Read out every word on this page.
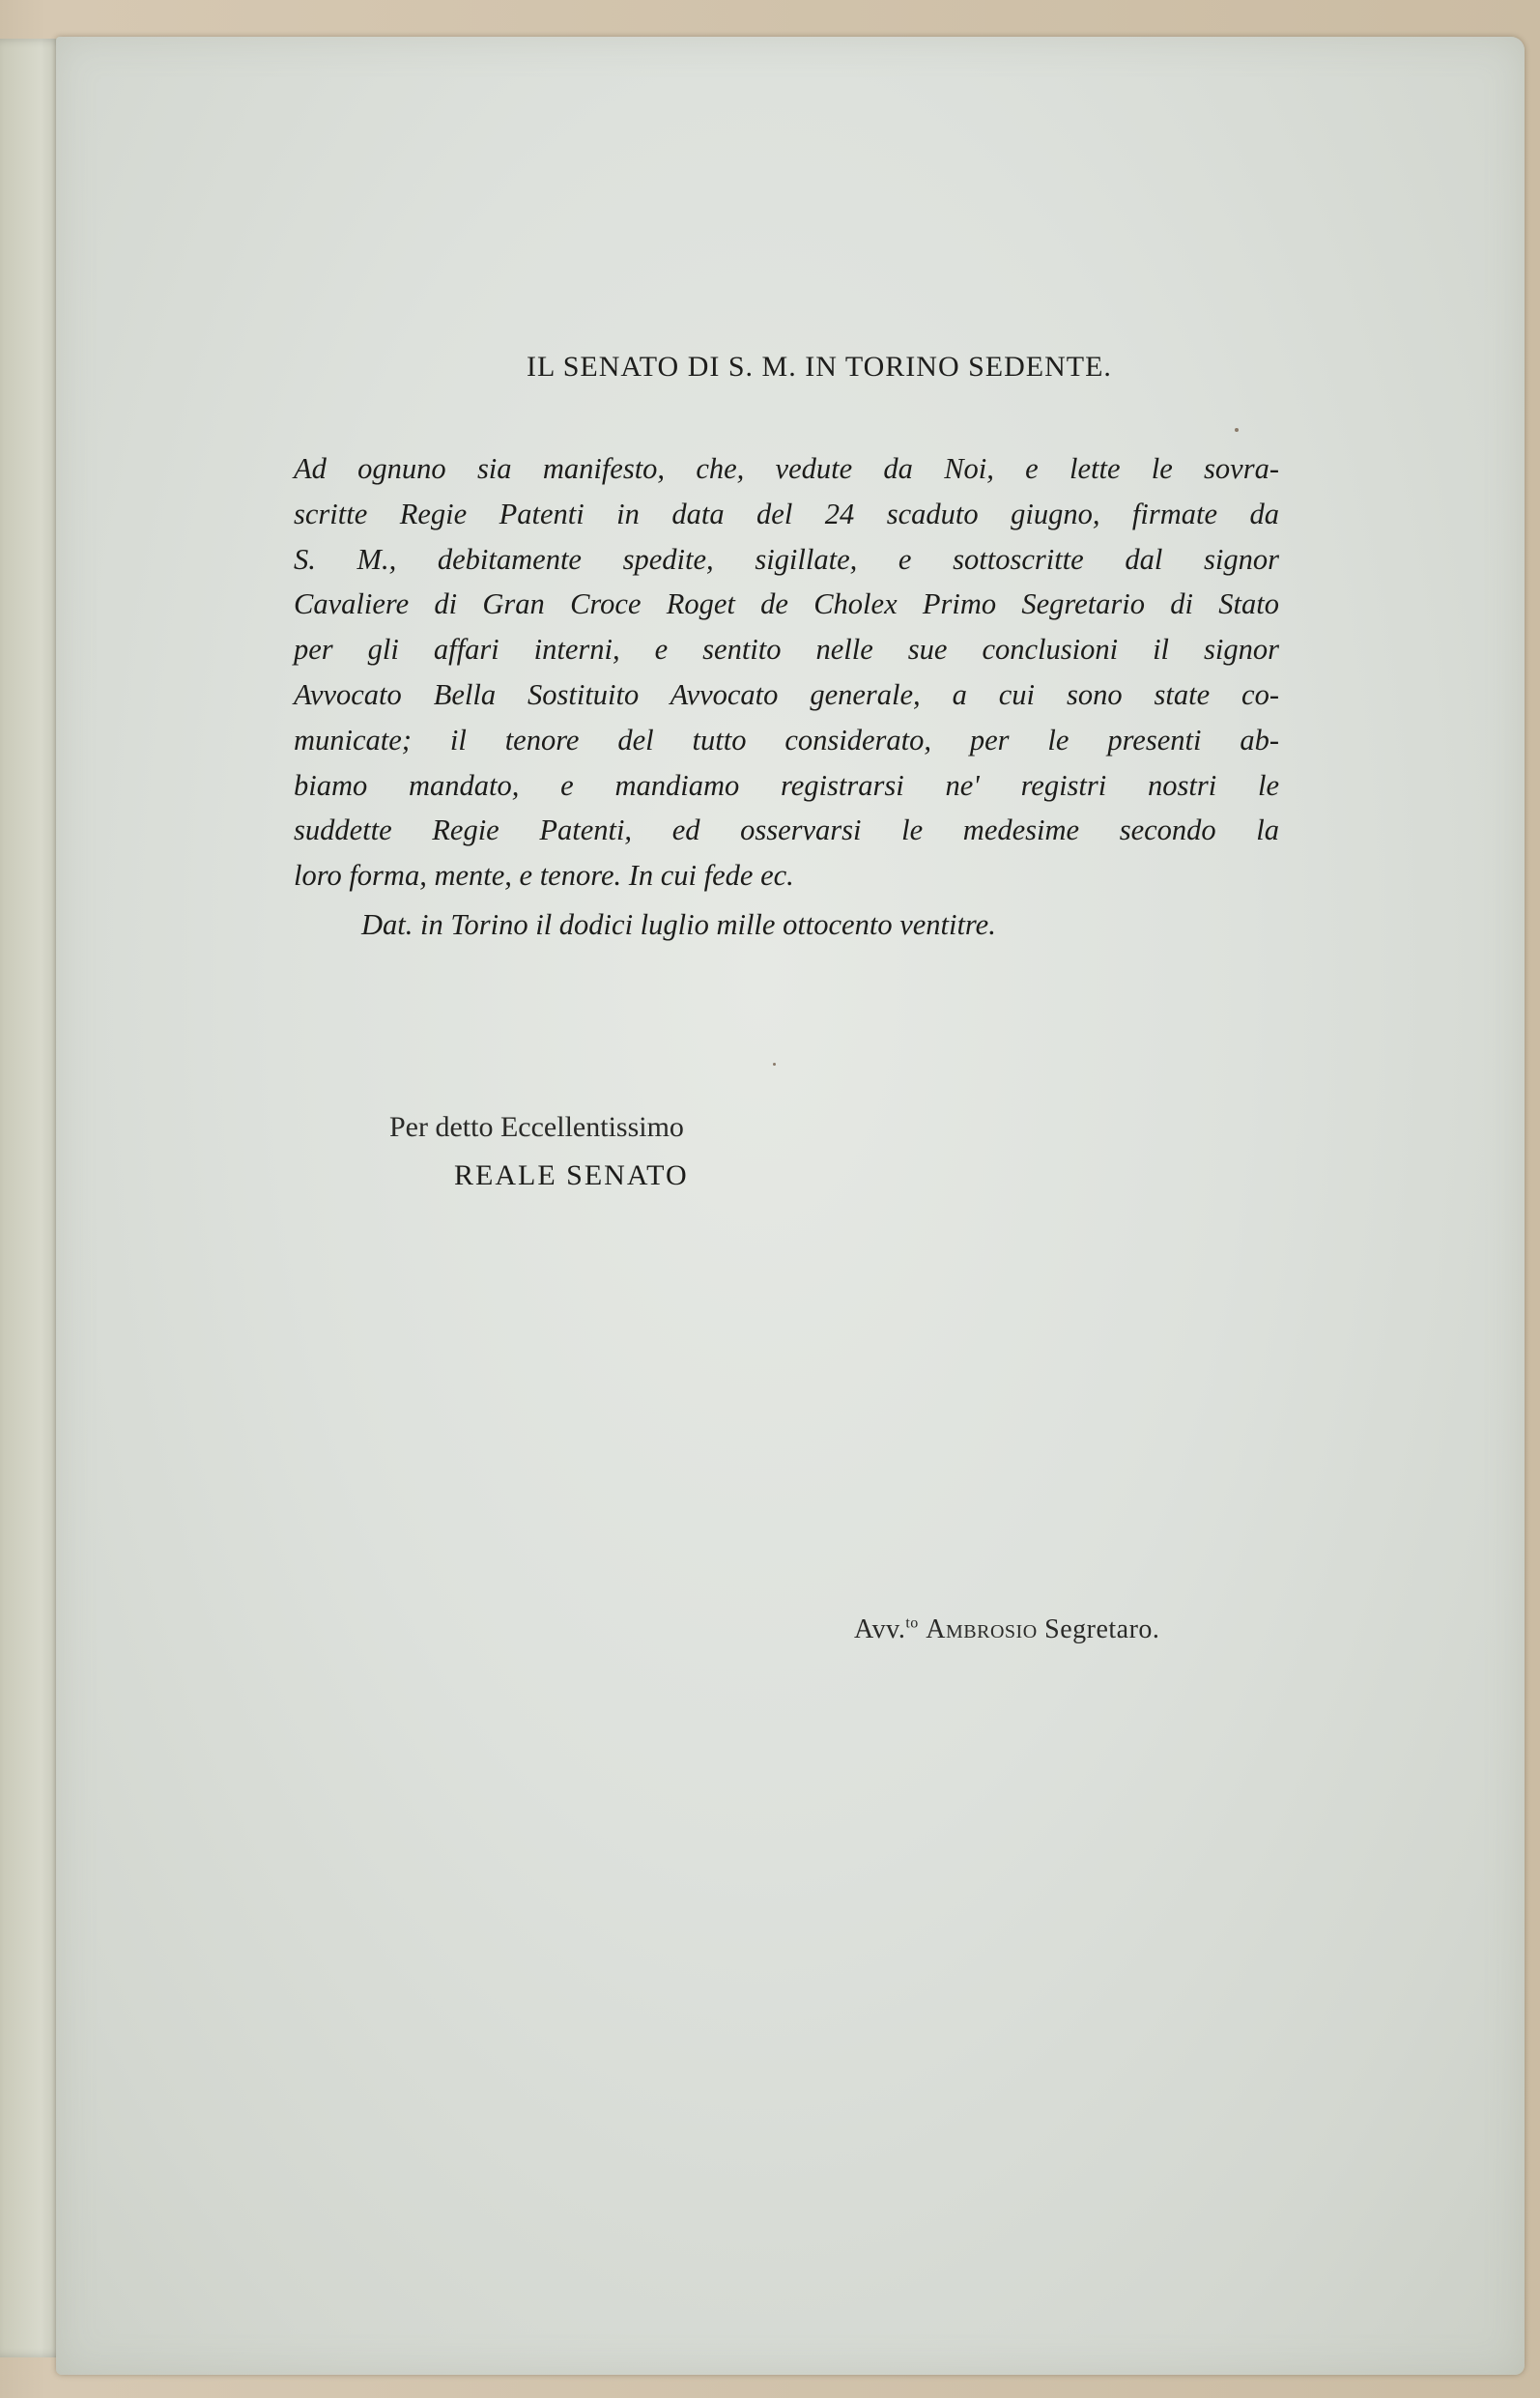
IL SENATO DI S. M. IN TORINO SEDENTE.
Ad ognuno sia manifesto, che, vedute da Noi, e lette le sovra-
scritte Regie Patenti in data del 24 scaduto giugno, firmate da
S. M., debitamente spedite, sigillate, e sottoscritte dal signor
Cavaliere di Gran Croce Roget de Cholex Primo Segretario di Stato
per gli affari interni, e sentito nelle sue conclusioni il signor
Avvocato Bella Sostituito Avvocato generale, a cui sono state co-
municate; il tenore del tutto considerato, per le presenti ab-
biamo mandato, e mandiamo registrarsi ne' registri nostri le
suddette Regie Patenti, ed osservarsi le medesime secondo la
loro forma, mente, e tenore. In cui fede ec.
Dat. in Torino il dodici luglio mille ottocento ventitre.
Per detto Eccellentissimo
REALE SENATO
Avv.$^{to}$ Ambrosio Segretaro.
